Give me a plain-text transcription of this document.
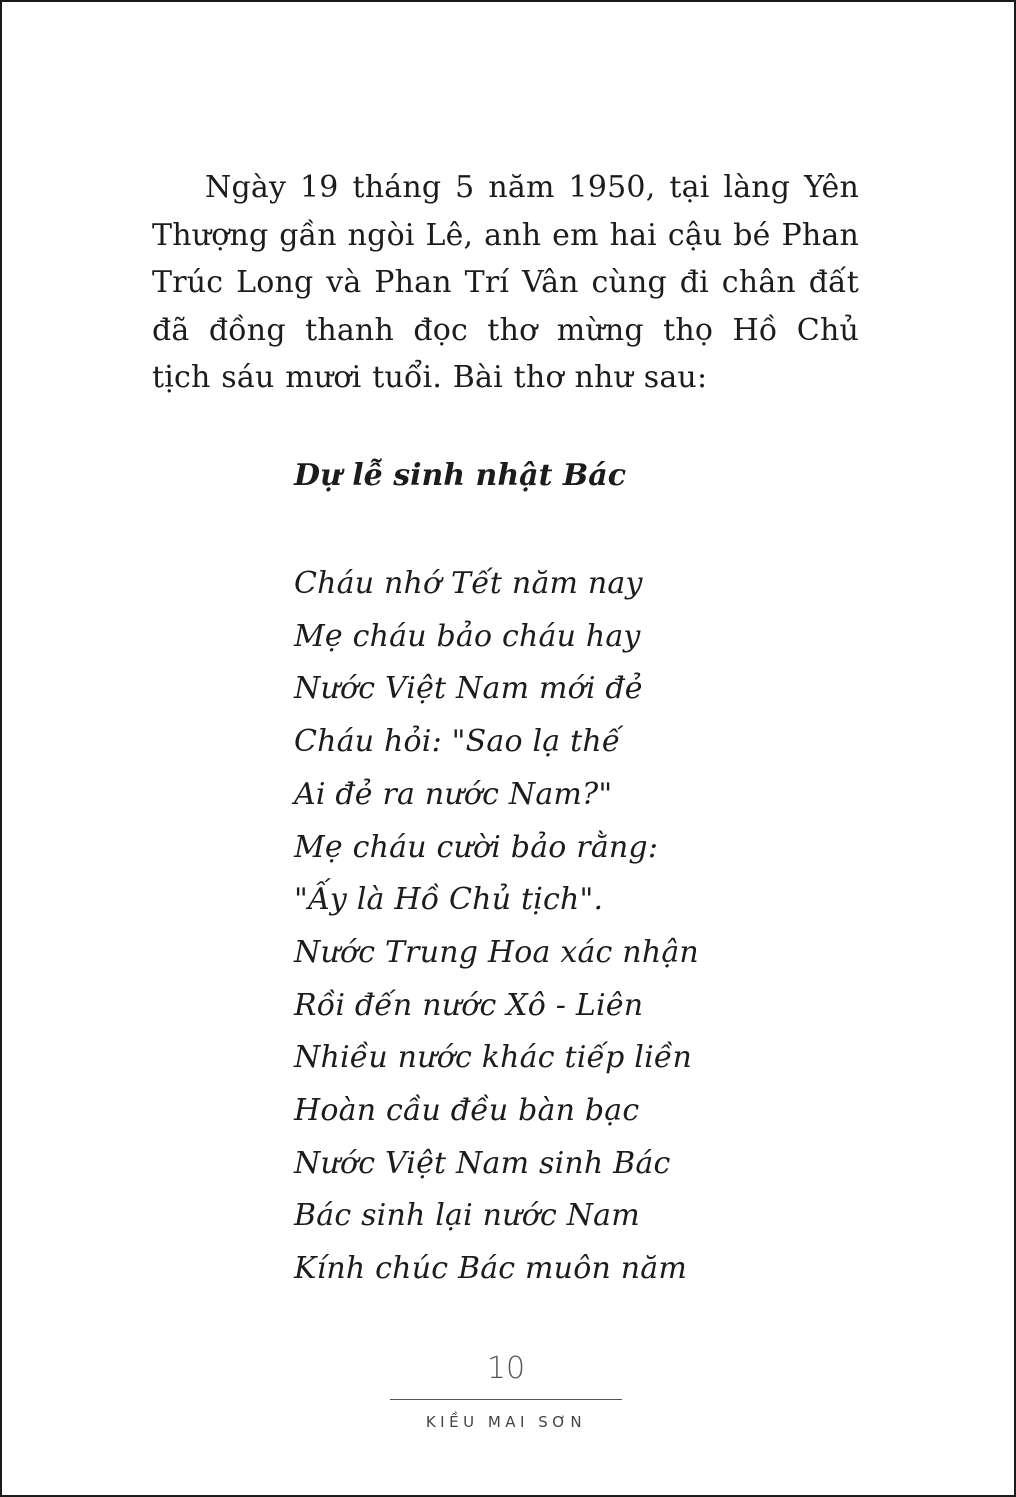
Ngày 19 tháng 5 năm 1950, tại làng Yên Thượng gần ngòi Lê, anh em hai cậu bé Phan Trúc Long và Phan Trí Vân cùng đi chân đất đã đồng thanh đọc thơ mừng thọ Hồ Chủ tịch sáu mươi tuổi. Bài thơ như sau:

Dự lễ sinh nhật Bác
Cháu nhớ Tết năm nay
Mẹ cháu bảo cháu hay
Nước Việt Nam mới đẻ
Cháu hỏi: "Sao lạ thế
Ai đẻ ra nước Nam?"
Mẹ cháu cười bảo rằng:
"Ấy là Hồ Chủ tịch".
Nước Trung Hoa xác nhận
Rồi đến nước Xô - Liên
Nhiều nước khác tiếp liền
Hoàn cầu đều bàn bạc
Nước Việt Nam sinh Bác
Bác sinh lại nước Nam
Kính chúc Bác muôn năm
10
KIỀU MAI SƠN
